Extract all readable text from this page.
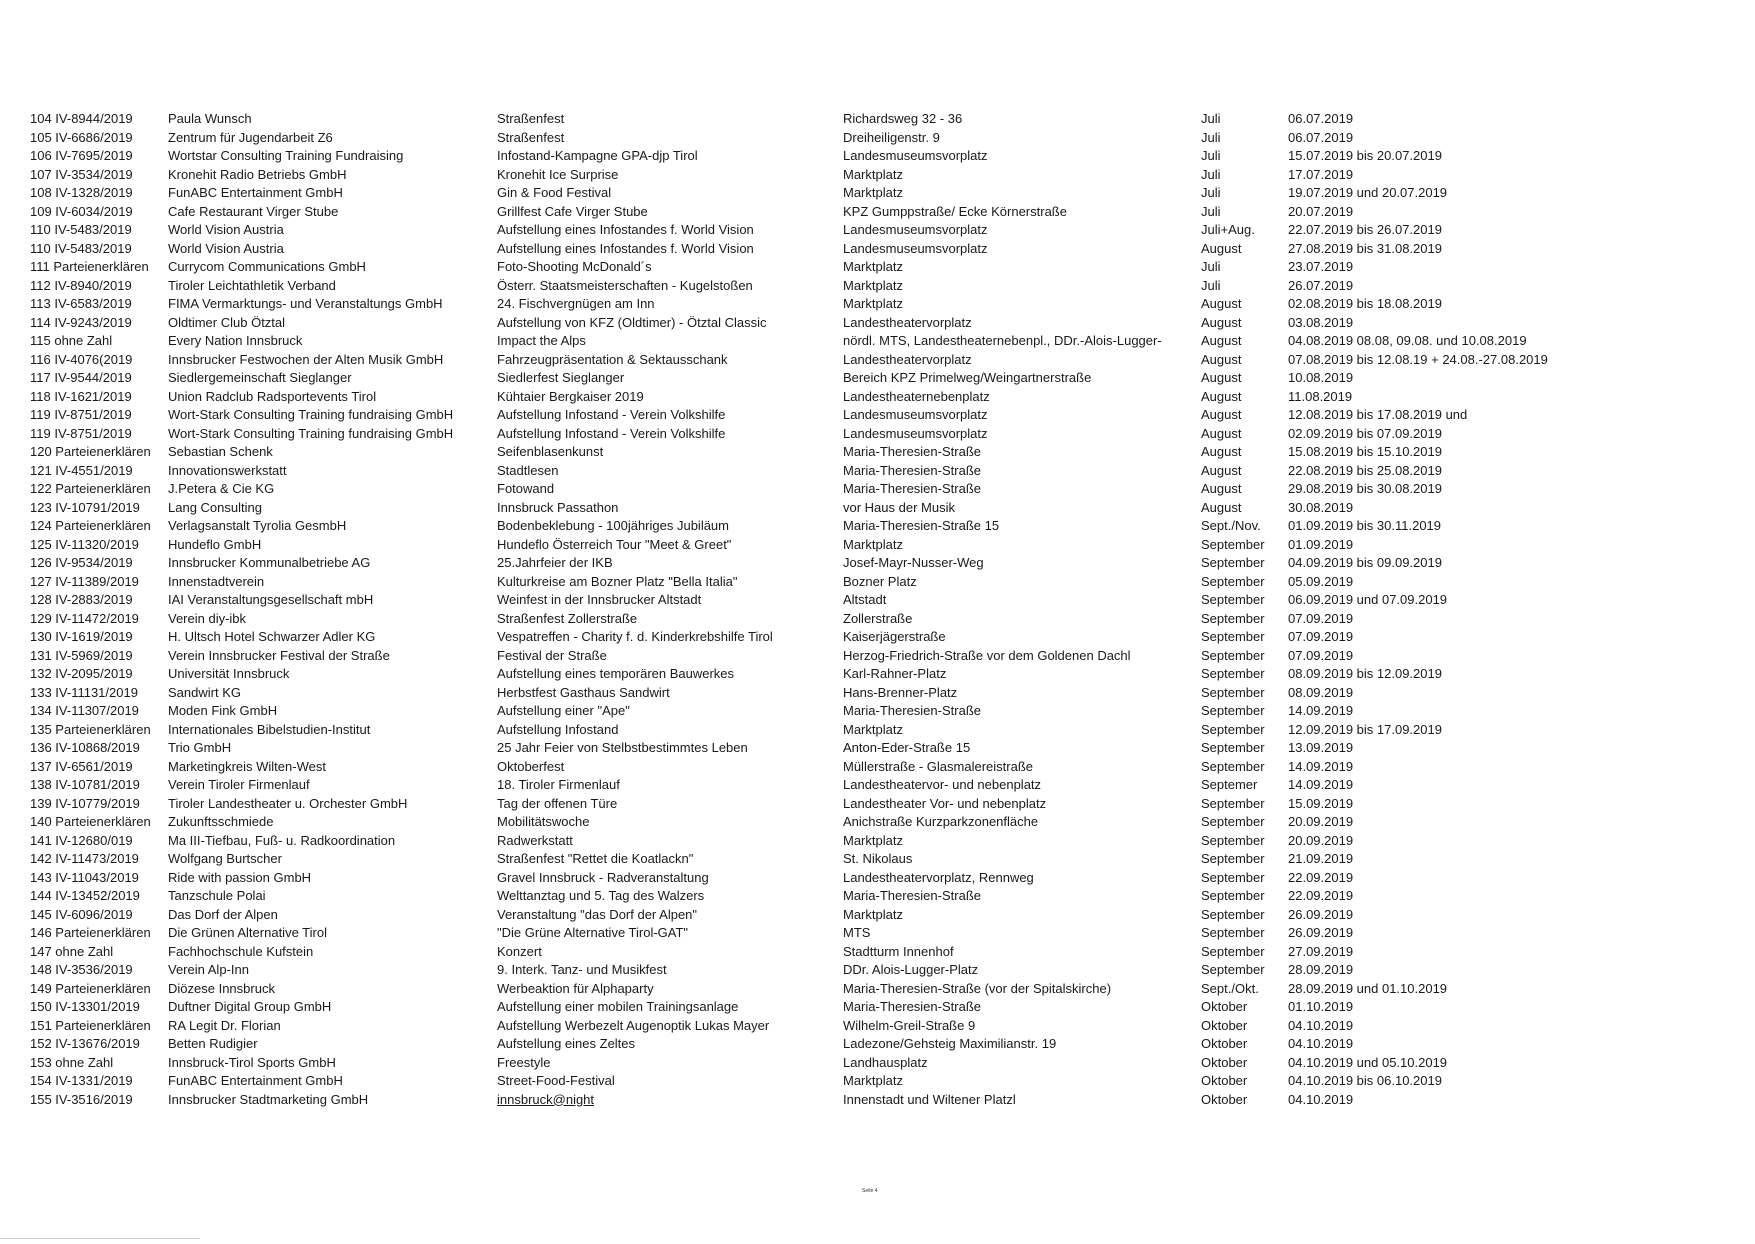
104 IV-8944/2019	Paula Wunsch	Straßenfest	Richardsweg 32 - 36	Juli	06.07.2019
105 IV-6686/2019	Zentrum für Jugendarbeit Z6	Straßenfest	Dreiheiligenstr. 9	Juli	06.07.2019
106 IV-7695/2019	Wortstar Consulting Training Fundraising	Infostand-Kampagne GPA-djp Tirol	Landesmuseumsvorplatz	Juli	15.07.2019 bis 20.07.2019
107 IV-3534/2019	Kronehit Radio Betriebs GmbH	Kronehit Ice Surprise	Marktplatz	Juli	17.07.2019
108 IV-1328/2019	FunABC Entertainment GmbH	Gin & Food Festival	Marktplatz	Juli	19.07.2019 und 20.07.2019
109 IV-6034/2019	Cafe Restaurant Virger Stube	Grillfest Cafe Virger Stube	KPZ Gumppstraße/ Ecke Körnerstraße	Juli	20.07.2019
110 IV-5483/2019	World Vision Austria	Aufstellung eines Infostandes f. World Vision	Landesmuseumsvorplatz	Juli+Aug.	22.07.2019 bis 26.07.2019
110 IV-5483/2019	World Vision Austria	Aufstellung eines Infostandes f. World Vision	Landesmuseumsvorplatz	August	27.08.2019 bis 31.08.2019
111 Parteienerklären	Currycom Communications GmbH	Foto-Shooting McDonald´s	Marktplatz	Juli	23.07.2019
112 IV-8940/2019	Tiroler Leichtathletik Verband	Österr. Staatsmeisterschaften - Kugelstoßen	Marktplatz	Juli	26.07.2019
113 IV-6583/2019	FIMA Vermarktungs- und Veranstaltungs GmbH	24. Fischvergnügen am Inn	Marktplatz	August	02.08.2019 bis 18.08.2019
114 IV-9243/2019	Oldtimer Club Ötztal	Aufstellung von KFZ (Oldtimer) - Ötztal Classic	Landestheatervorplatz	August	03.08.2019
115 ohne Zahl	Every Nation Innsbruck	Impact the Alps	nördl. MTS, Landestheaternebenpl., DDr.-Alois-Lugger-	August	04.08.2019 08.08, 09.08. und 10.08.2019
116 IV-4076(2019	Innsbrucker Festwochen der Alten Musik GmbH	Fahrzeugpräsentation & Sektausschank	Landestheatervorplatz	August	07.08.2019 bis 12.08.19 + 24.08.-27.08.2019
117 IV-9544/2019	Siedlergemeinschaft Sieglanger	Siedlerfest Sieglanger	Bereich KPZ Primelweg/Weingartnerstraße	August	10.08.2019
118 IV-1621/2019	Union Radclub Radsportevents Tirol	Kühtaier Bergkaiser 2019	Landestheaternebenplatz	August	11.08.2019
119 IV-8751/2019	Wort-Stark Consulting Training fundraising GmbH	Aufstellung Infostand - Verein Volkshilfe	Landesmuseumsvorplatz	August	12.08.2019 bis 17.08.2019 und
119 IV-8751/2019	Wort-Stark Consulting Training fundraising GmbH	Aufstellung Infostand - Verein Volkshilfe	Landesmuseumsvorplatz	August	02.09.2019 bis 07.09.2019
120 Parteienerklären	Sebastian Schenk	Seifenblasenkunst	Maria-Theresien-Straße	August	15.08.2019 bis 15.10.2019
121 IV-4551/2019	Innovationswerkstatt	Stadtlesen	Maria-Theresien-Straße	August	22.08.2019 bis 25.08.2019
122 Parteienerklären	J.Petera & Cie KG	Fotowand	Maria-Theresien-Straße	August	29.08.2019 bis 30.08.2019
123 IV-10791/2019	Lang Consulting	Innsbruck Passathon	vor Haus der Musik	August	30.08.2019
124 Parteienerklären	Verlagsanstalt Tyrolia GesmbH	Bodenbeklebung - 100jähriges Jubiläum	Maria-Theresien-Straße 15	Sept./Nov.	01.09.2019 bis 30.11.2019
125 IV-11320/2019	Hundeflo GmbH	Hundeflo Österreich Tour "Meet & Greet"	Marktplatz	September	01.09.2019
126 IV-9534/2019	Innsbrucker Kommunalbetriebe AG	25.Jahrfeier der IKB	Josef-Mayr-Nusser-Weg	September	04.09.2019 bis 09.09.2019
127 IV-11389/2019	Innenstadtverein	Kulturkreise am Bozner Platz "Bella Italia"	Bozner Platz	September	05.09.2019
128 IV-2883/2019	IAI Veranstaltungsgesellschaft mbH	Weinfest in der Innsbrucker Altstadt	Altstadt	September	06.09.2019 und 07.09.2019
129 IV-11472/2019	Verein diy-ibk	Straßenfest Zollerstraße	Zollerstraße	September	07.09.2019
130 IV-1619/2019	H. Ultsch Hotel Schwarzer Adler KG	Vespatreffen - Charity f. d. Kinderkrebshilfe Tirol	Kaiserjägerstraße	September	07.09.2019
131 IV-5969/2019	Verein Innsbrucker Festival der Straße	Festival der Straße	Herzog-Friedrich-Straße vor dem Goldenen Dachl	September	07.09.2019
132 IV-2095/2019	Universität Innsbruck	Aufstellung eines temporären Bauwerkes	Karl-Rahner-Platz	September	08.09.2019 bis 12.09.2019
133 IV-11131/2019	Sandwirt KG	Herbstfest Gasthaus Sandwirt	Hans-Brenner-Platz	September	08.09.2019
134 IV-11307/2019	Moden Fink GmbH	Aufstellung einer "Ape"	Maria-Theresien-Straße	September	14.09.2019
135 Parteienerklären	Internationales Bibelstudien-Institut	Aufstellung Infostand	Marktplatz	September	12.09.2019 bis 17.09.2019
136 IV-10868/2019	Trio GmbH	25 Jahr Feier von Stelbstbestimmtes Leben	Anton-Eder-Straße 15	September	13.09.2019
137 IV-6561/2019	Marketingkreis Wilten-West	Oktoberfest	Müllerstraße - Glasmalereistraße	September	14.09.2019
138 IV-10781/2019	Verein Tiroler Firmenlauf	18. Tiroler Firmenlauf	Landestheatervor- und nebenplatz	Septemer	14.09.2019
139 IV-10779/2019	Tiroler Landestheater u. Orchester GmbH	Tag der offenen Türe	Landestheater Vor- und nebenplatz	September	15.09.2019
140 Parteienerklären	Zukunftsschmiede	Mobilitätswoche	Anichstraße Kurzparkzonenfläche	September	20.09.2019
141 IV-12680/019	Ma III-Tiefbau, Fuß- u. Radkoordination	Radwerkstatt	Marktplatz	September	20.09.2019
142 IV-11473/2019	Wolfgang Burtscher	Straßenfest "Rettet die Koatlackn"	St. Nikolaus	September	21.09.2019
143 IV-11043/2019	Ride with passion GmbH	Gravel Innsbruck - Radveranstaltung	Landestheatervorplatz, Rennweg	September	22.09.2019
144 IV-13452/2019	Tanzschule Polai	Welttanztag und 5. Tag des Walzers	Maria-Theresien-Straße	September	22.09.2019
145 IV-6096/2019	Das Dorf der Alpen	Veranstaltung "das Dorf der Alpen"	Marktplatz	September	26.09.2019
146 Parteienerklären	Die Grünen Alternative Tirol	"Die Grüne Alternative Tirol-GAT"	MTS	September	26.09.2019
147 ohne Zahl	Fachhochschule Kufstein	Konzert	Stadtturm Innenhof	September	27.09.2019
148 IV-3536/2019	Verein Alp-Inn	9. Interk. Tanz- und Musikfest	DDr. Alois-Lugger-Platz	September	28.09.2019
149 Parteienerklären	Diözese Innsbruck	Werbeaktion für Alphaparty	Maria-Theresien-Straße (vor der Spitalskirche)	Sept./Okt.	28.09.2019 und 01.10.2019
150 IV-13301/2019	Duftner Digital Group GmbH	Aufstellung einer mobilen Trainingsanlage	Maria-Theresien-Straße	Oktober	01.10.2019
151 Parteienerklären	RA Legit Dr. Florian	Aufstellung Werbezelt Augenoptik Lukas Mayer	Wilhelm-Greil-Straße 9	Oktober	04.10.2019
152 IV-13676/2019	Betten Rudigier	Aufstellung eines Zeltes	Ladezone/Gehsteig Maximilianstr. 19	Oktober	04.10.2019
153 ohne Zahl	Innsbruck-Tirol Sports GmbH	Freestyle	Landhausplatz	Oktober	04.10.2019 und 05.10.2019
154 IV-1331/2019	FunABC Entertainment GmbH	Street-Food-Festival	Marktplatz	Oktober	04.10.2019 bis 06.10.2019
155 IV-3516/2019	Innsbrucker Stadtmarketing GmbH	innsbruck@night	Innenstadt und Wiltener Platzl	Oktober	04.10.2019
Seite 4
